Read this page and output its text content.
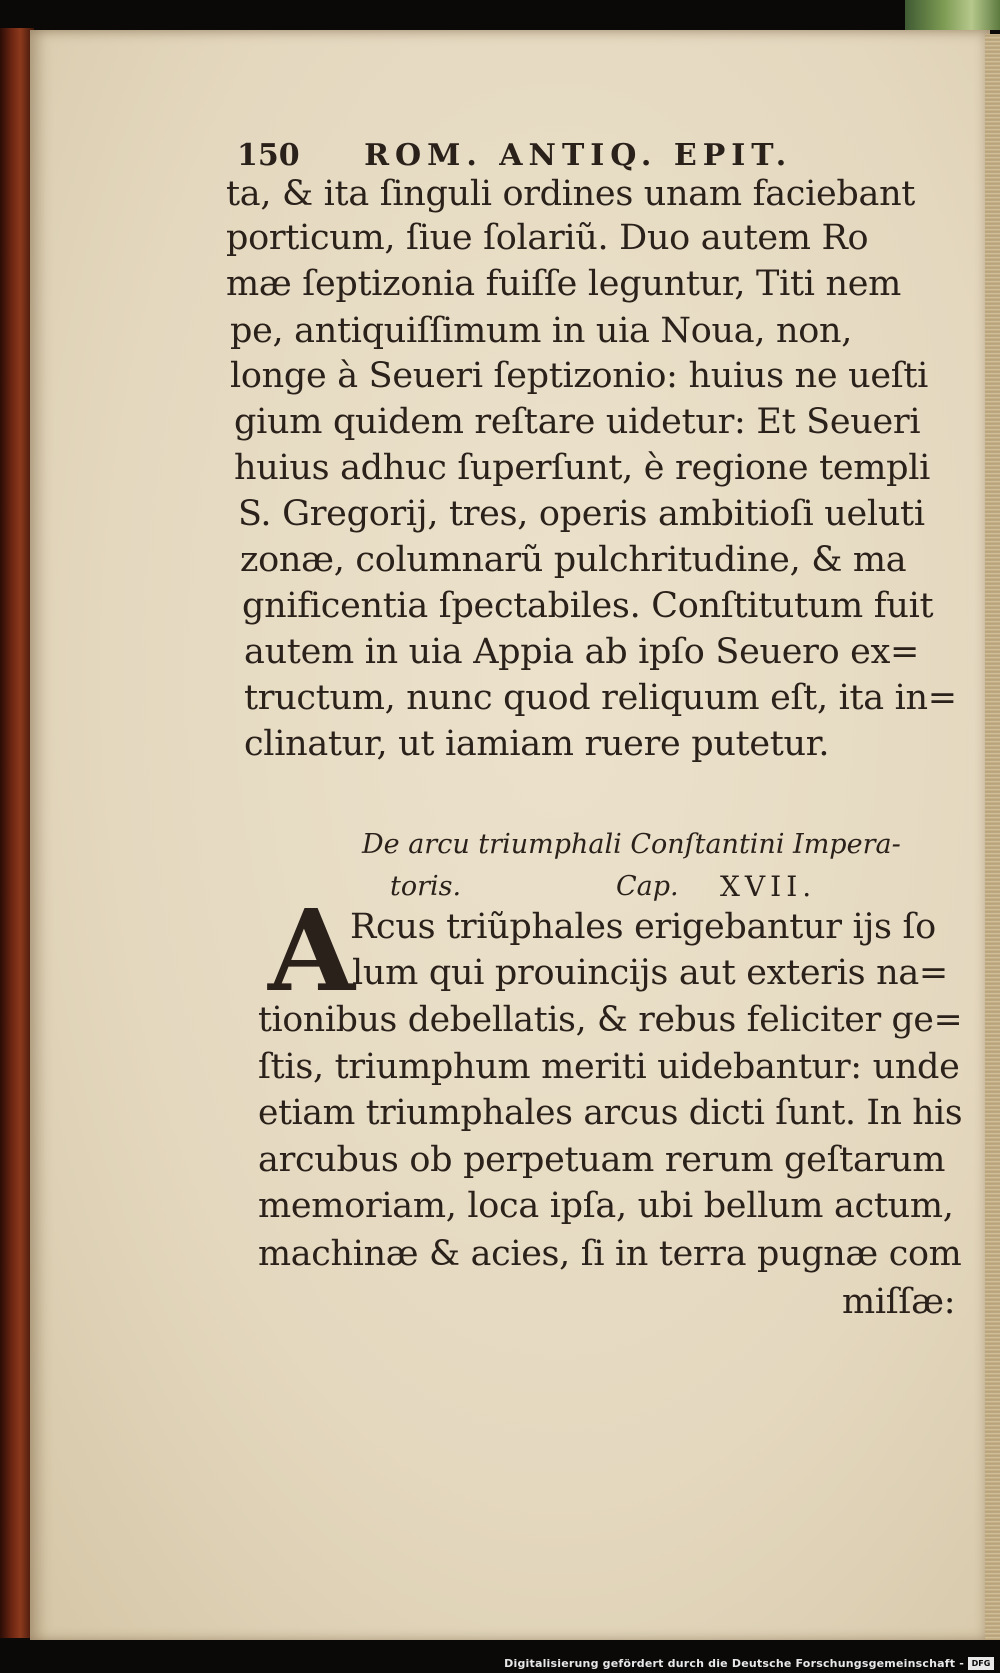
Digitalisierung gefördert durch die Deutsche Forschungsgemeinschaft - DFG
150 ROM. ANTIQ. EPIT.
ta, & ita ſinguli ordines unam faciebant
porticum, ſiue ſolariũ. Duo autem Ro
mæ ſeptizonia fuiſſe leguntur, Titi nem
pe, antiquiſſimum in uia Noua, non,
longe à Seueri ſeptizonio: huius ne ueſti
gium quidem reſtare uidetur: Et Seueri
huius adhuc ſuperſunt, è regione templi
S. Gregorij, tres, operis ambitioſi ueluti
zonæ, columnarũ pulchritudine, & ma
gnificentia ſpectabiles. Conſtitutum fuit
autem in uia Appia ab ipſo Seuero ex=
tructum, nunc quod reliquum eſt, ita in=
clinatur, ut iamiam ruere putetur.
De arcu triumphali Conſtantini Impera-
toris.	Cap. XVII.
A
Rcus triũphales erigebantur ijs ſo
lum qui prouincijs aut exteris na=
tionibus debellatis, & rebus feliciter ge=
ſtis, triumphum meriti uidebantur: unde
etiam triumphales arcus dicti ſunt. In his
arcubus ob perpetuam rerum geſtarum
memoriam, loca ipſa, ubi bellum actum,
machinæ & acies, ſi in terra pugnæ com
miſſæ:
